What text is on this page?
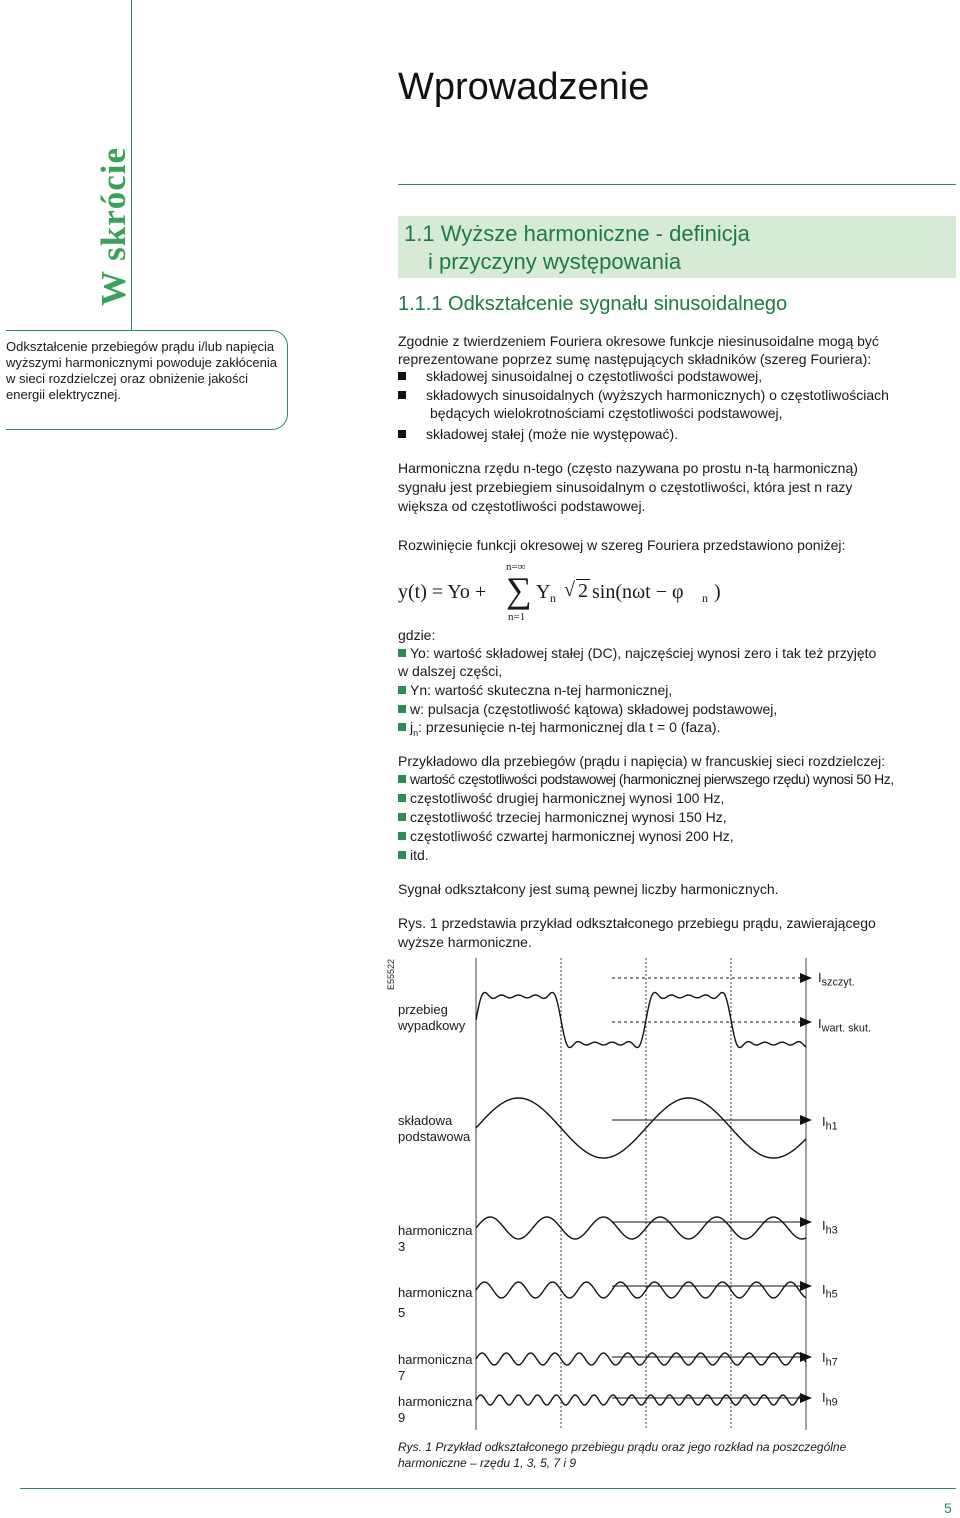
W skrócie
Odkształcenie przebiegów prądu i/lub napięcia wyższymi harmonicznymi powoduje zakłócenia w sieci rozdzielczej oraz obniżenie jakości energii elektrycznej.
Wprowadzenie
1.1 Wyższe harmoniczne - definicja
i przyczyny występowania
1.1.1 Odkształcenie sygnału sinusoidalnego
Zgodnie z twierdzeniem Fouriera okresowe funkcje niesinusoidalne mogą być
reprezentowane poprzez sumę następujących składników (szereg Fouriera):
składowej sinusoidalnej o częstotliwości podstawowej,
składowych sinusoidalnych (wyższych harmonicznych) o częstotliwościach
będących wielokrotnościami częstotliwości podstawowej,
składowej stałej (może nie występować).
Harmoniczna rzędu n-tego (często nazywana po prostu n-tą harmoniczną)
sygnału jest przebiegiem sinusoidalnym o częstotliwości, która jest n razy
większa od częstotliwości podstawowej.
Rozwinięcie funkcji okresowej w szereg Fouriera przedstawiono poniżej:
y(t) = Yo +
n=∞
∑
n=1
Y n √ 2 sin(nωt − φ n )
gdzie:
Yo: wartość składowej stałej (DC), najczęściej wynosi zero i tak też przyjęto
w dalszej części,
Yn: wartość skuteczna n-tej harmonicznej,
w: pulsacja (częstotliwość kątowa) składowej podstawowej,
$j_n$: przesunięcie n-tej harmonicznej dla t = 0 (faza).
Przykładowo dla przebiegów (prądu i napięcia) w francuskiej sieci rozdzielczej:
wartość częstotliwości podstawowej (harmonicznej pierwszego rzędu) wynosi 50 Hz,
częstotliwość drugiej harmonicznej wynosi 100 Hz,
częstotliwość trzeciej harmonicznej wynosi 150 Hz,
częstotliwość czwartej harmonicznej wynosi 200 Hz,
itd.
Sygnał odkształcony jest sumą pewnej liczby harmonicznych.
Rys. 1 przedstawia przykład odkształconego przebiegu prądu, zawierającego
wyższe harmoniczne.
E55522
przebieg
wypadkowy
składowa
podstawowa
harmoniczna
3
harmoniczna
5
harmoniczna
7
harmoniczna
9
$I_{szczyt.}$
$I_{wart. skut.}$
$I_{h1}$
$I_{h3}$
$I_{h5}$
$I_{h7}$
$I_{h9}$
Rys. 1 Przykład odkształconego przebiegu prądu oraz jego rozkład na poszczególne
harmoniczne – rzędu 1, 3, 5, 7 i 9
5
